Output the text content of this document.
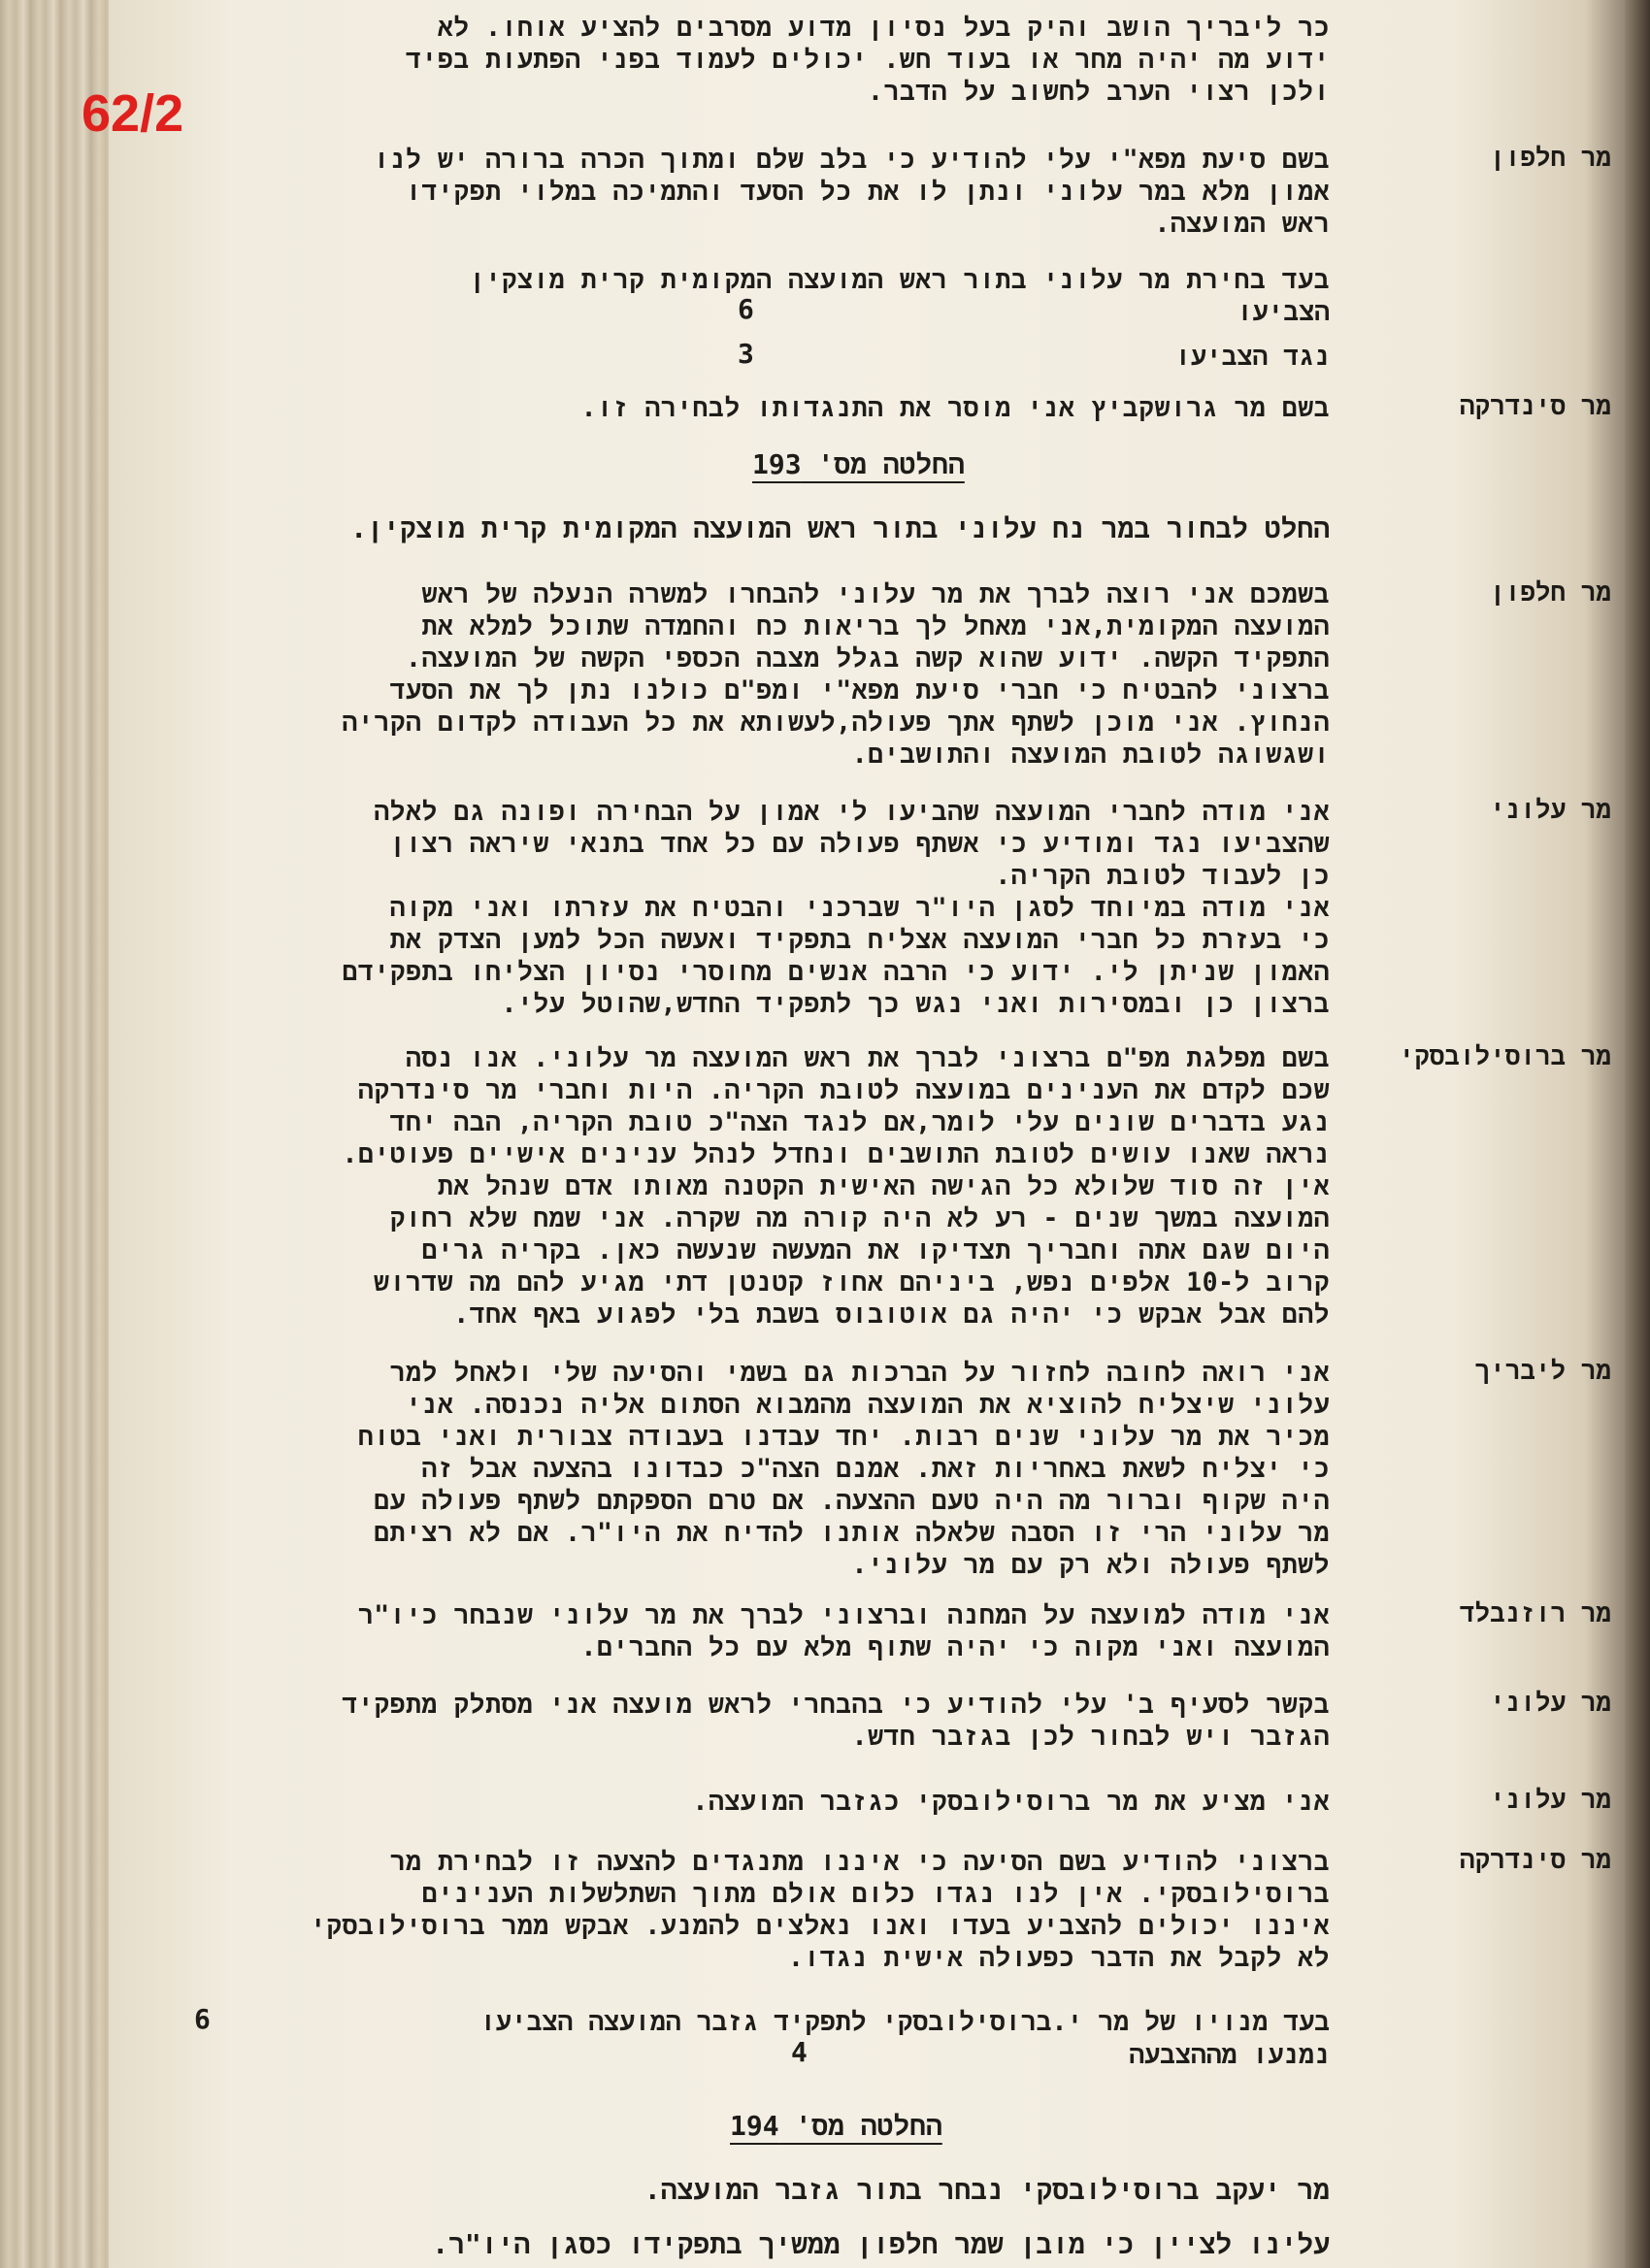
62/2

כר ליבריך הושב והיק בעל נסיון מדוע מסרבים להציע אוחו. לא

ידוע מה יהיה מחר או בעוד חש. יכולים לעמוד בפני הפתעות בפיד

ולכן רצוי הערב לחשוב על הדבר.

מר חלפון

בשם סיעת מפא"י עלי להודיע כי בלב שלם ומתוך הכרה ברורה יש לנו

אמון מלא במר עלוני ונתן לו את כל הסעד והתמיכה במלוי תפקידו

ראש המועצה.

בעד בחירת מר עלוני בתור ראש המועצה המקומית קרית מוצקין

הצביעו
6
נגד הצביעו
3
מר סינדרקה

בשם מר גרושקביץ אני מוסר את התנגדותו לבחירה זו.

החלטה מס' 193
החלט לבחור במר נח עלוני בתור ראש המועצה המקומית קרית מוצקין.
מר חלפון

בשמכם אני רוצה לברך את מר עלוני להבחרו למשרה הנעלה של ראש

המועצה המקומית,אני מאחל לך בריאות כח והחמדה שתוכל למלא את

התפקיד הקשה. ידוע שהוא קשה בגלל מצבה הכספי הקשה של המועצה.

ברצוני להבטיח כי חברי סיעת מפא"י ומפ"ם כולנו נתן לך את הסעד

הנחוץ. אני מוכן לשתף אתך פעולה,לעשותא את כל העבודה לקדום הקריה

ושגשוגה לטובת המועצה והתושבים.

מר עלוני

אני מודה לחברי המועצה שהביעו לי אמון על הבחירה ופונה גם לאלה

שהצביעו נגד ומודיע כי אשתף פעולה עם כל אחד בתנאי שיראה רצון

כן לעבוד לטובת הקריה.

אני מודה במיוחד לסגן היו"ר שברכני והבטיח את עזרתו ואני מקוה

כי בעזרת כל חברי המועצה אצליח בתפקיד ואעשה הכל למען הצדק את

האמון שניתן לי. ידוע כי הרבה אנשים מחוסרי נסיון הצליחו בתפקידם

ברצון כן ובמסירות ואני נגש כך לתפקיד החדש,שהוטל עלי.

מר ברוסילובסקי

בשם מפלגת מפ"ם ברצוני לברך את ראש המועצה מר עלוני. אנו נסה

שכם לקדם את הענינים במועצה לטובת הקריה. היות וחברי מר סינדרקה

נגע בדברים שונים עלי לומר,אם לנגד הצה"כ טובת הקריה, הבה יחד

נראה שאנו עושים לטובת התושבים ונחדל לנהל ענינים אישיים פעוטים.

אין זה סוד שלולא כל הגישה האישית הקטנה מאותו אדם שנהל את

המועצה במשך שנים - רע לא היה קורה מה שקרה. אני שמח שלא רחוק

היום שגם אתה וחבריך תצדיקו את המעשה שנעשה כאן. בקריה גרים

קרוב ל-10 אלפים נפש, ביניהם אחוז קטנטן דתי מגיע להם מה שדרוש

להם אבל אבקש כי יהיה גם אוטובוס בשבת בלי לפגוע באף אחד.

מר ליבריך

אני רואה לחובה לחזור על הברכות גם בשמי והסיעה שלי ולאחל למר

עלוני שיצליח להוציא את המועצה מהמבוא הסתום אליה נכנסה. אני

מכיר את מר עלוני שנים רבות. יחד עבדנו בעבודה צבורית ואני בטוח

כי יצליח לשאת באחריות זאת. אמנם הצה"כ כבדונו בהצעה אבל זה

היה שקוף וברור מה היה טעם ההצעה. אם טרם הספקתם לשתף פעולה עם

מר עלוני הרי זו הסבה שלאלה אותנו להדיח את היו"ר. אם לא רציתם

לשתף פעולה ולא רק עם מר עלוני.

מר רוזנבלד

אני מודה למועצה על המחנה וברצוני לברך את מר עלוני שנבחר כיו"ר

המועצה ואני מקוה כי יהיה שתוף מלא עם כל החברים.

מר עלוני

בקשר לסעיף ב' עלי להודיע כי בהבחרי לראש מועצה אני מסתלק מתפקיד

הגזבר ויש לבחור לכן בגזבר חדש.

מר עלוני

אני מציע את מר ברוסילובסקי כגזבר המועצה.

מר סינדרקה

ברצוני להודיע בשם הסיעה כי איננו מתנגדים להצעה זו לבחירת מר

ברוסילובסקי. אין לנו נגדו כלום אולם מתוך השתלשלות הענינים

איננו יכולים להצביע בעדו ואנו נאלצים להמנע. אבקש ממר ברוסילובסקי

לא לקבל את הדבר כפעולה אישית נגדו.

בעד מנויו של מר י.ברוסילובסקי לתפקיד גזבר המועצה הצביעו
6
נמנעו מההצבעה
4
החלטה מס' 194
מר יעקב ברוסילובסקי נבחר בתור גזבר המועצה.
עלינו לציין כי מובן שמר חלפון ממשיך בתפקידו כסגן היו"ר.
